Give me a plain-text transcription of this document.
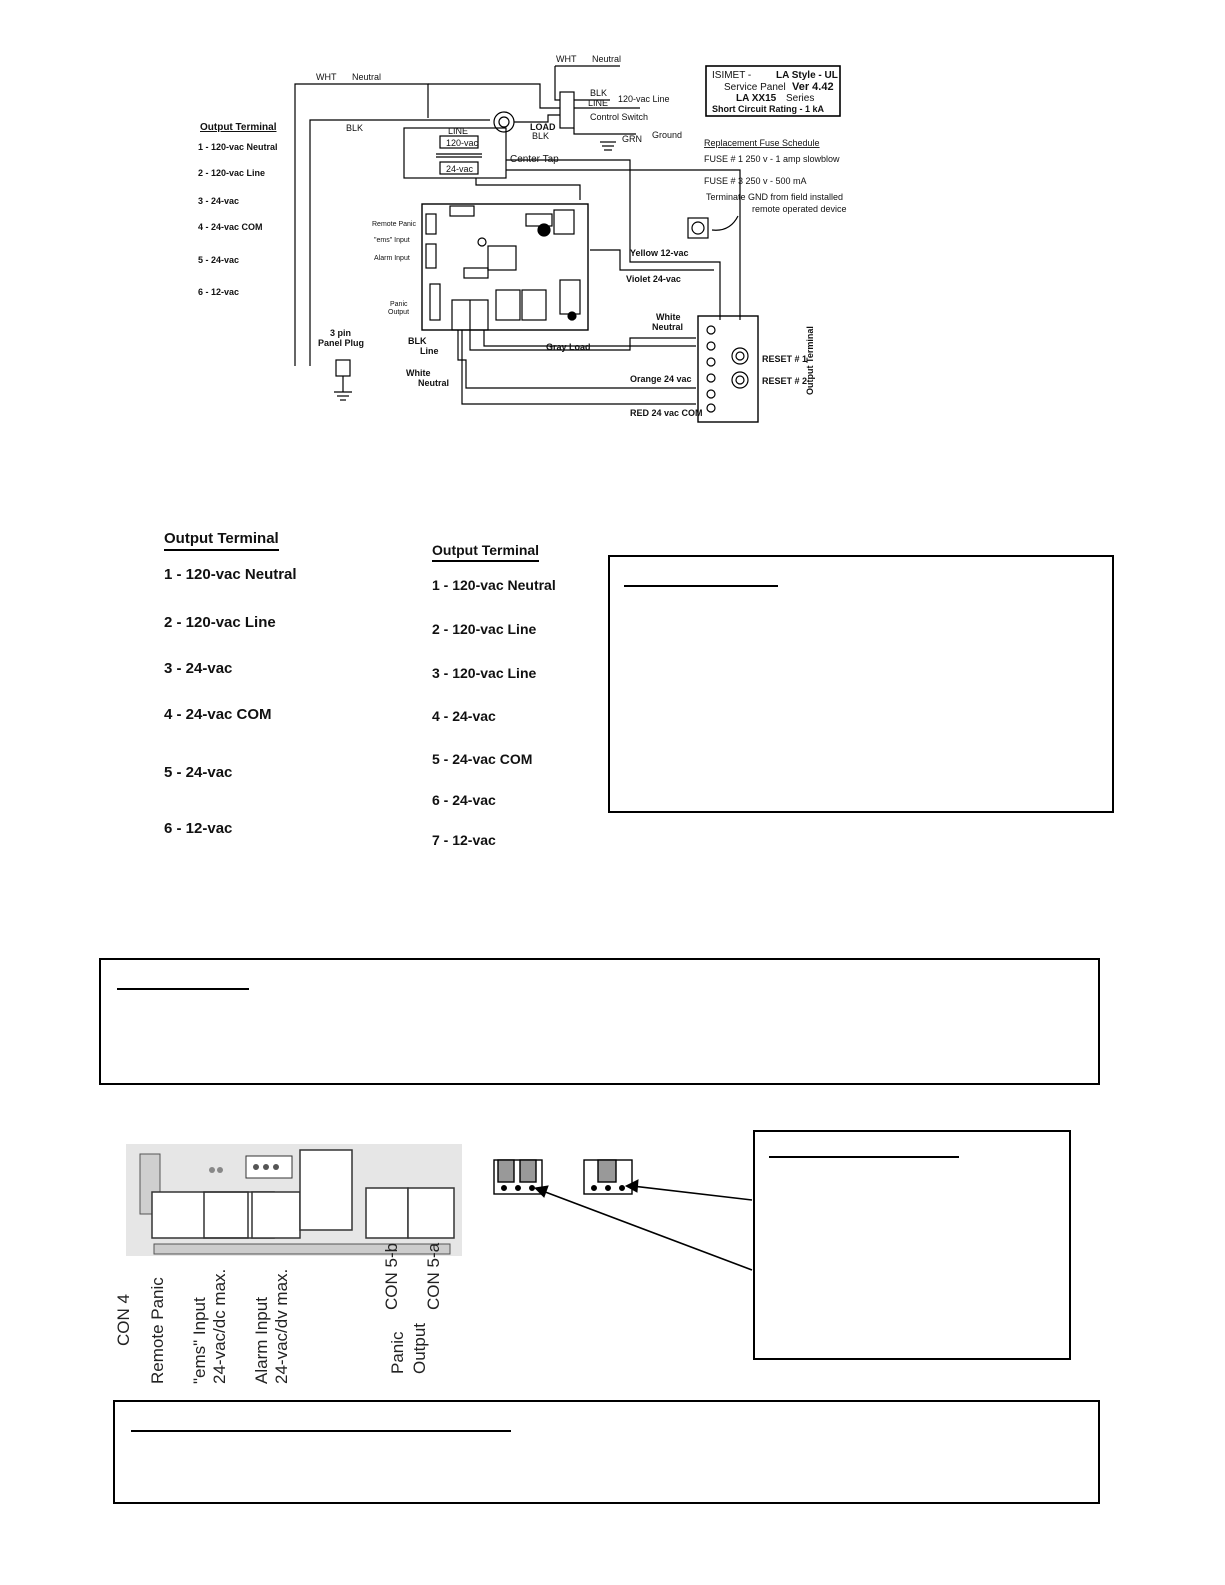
WHT Neutral
WHT Neutral
BLK	LINE
120-vac
24-vac
LOAD
BLK
BLK
LINE 120-vac Line
Control Switch
GRN Ground
Center Tap
Remote Panic
"ems" Input
Alarm Input
Panic
Output
Yellow 12-vac
Violet 24-vac
White
Neutral
3 pin
Panel Plug	BLK
Line	Gray Load
White
Neutral	Orange 24 vac
RED 24 vac COM
RESET # 1
RESET # 2
Output Terminal
ISIMET - LA Style - UL
Service Panel Ver 4.42
LA XX15 Series
Short Circuit Rating - 1 kA
Replacement Fuse Schedule
FUSE # 1 250 v - 1 amp slowblow
FUSE # 3 250 v - 500 mA
Terminate GND from field installed
remote operated device
Output Terminal
1 - 120-vac Neutral
2 - 120-vac Line
3 - 24-vac
4 - 24-vac COM
5 - 24-vac
6 - 12-vac
Output Terminal
1 - 120-vac Neutral
2 - 120-vac Line
3 - 24-vac
4 - 24-vac COM
5 - 24-vac
6 - 12-vac
Output Terminal
1 - 120-vac Neutral
2 - 120-vac Line
3 - 120-vac Line
4 - 24-vac
5 - 24-vac COM
6 - 24-vac
7 - 12-vac
CON 4 Remote Panic "ems" Input 24-vac/dc max. Alarm Input 24-vac/dv max.	CON 5-b CON 5-a
Panic Output
